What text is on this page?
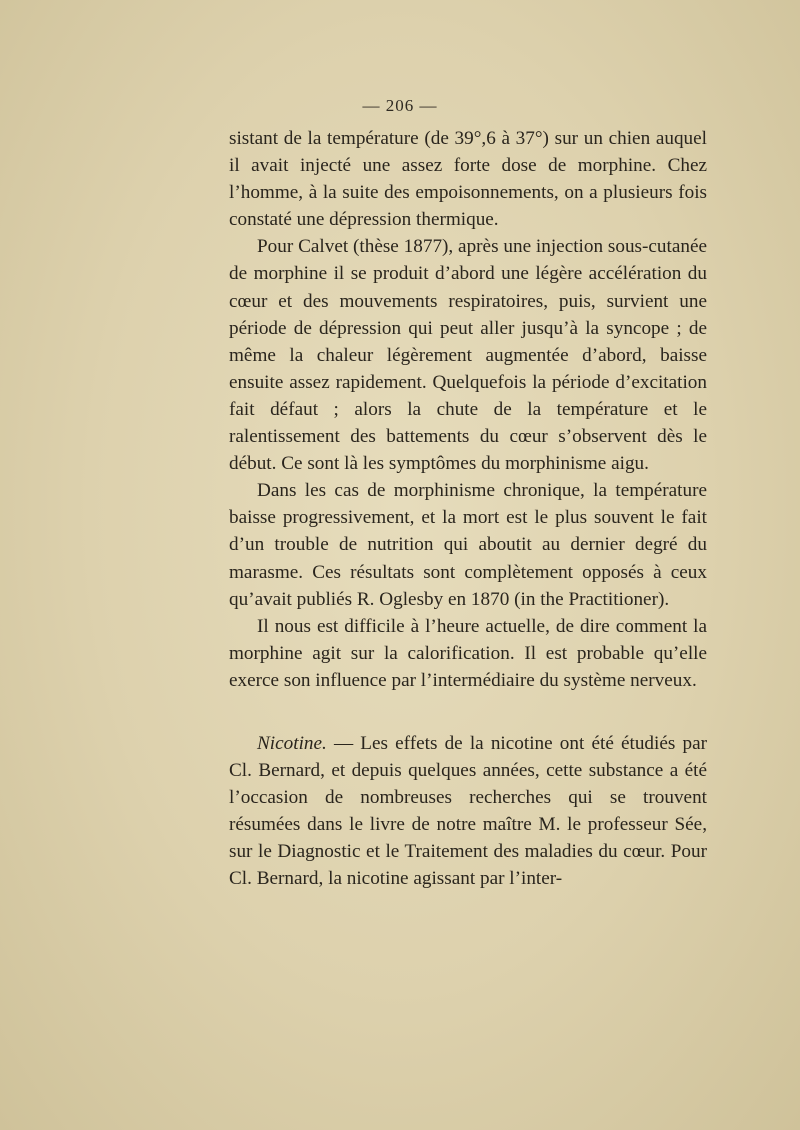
— 206 —

sistant de la température (de 39°,6 à 37°) sur un chien auquel il avait injecté une assez forte dose de morphine. Chez l’homme, à la suite des empoisonnements, on a plusieurs fois constaté une dépression thermique.

Pour Calvet (thèse 1877), après une injection sous-cutanée de morphine il se produit d’abord une légère accélération du cœur et des mouvements respiratoires, puis, survient une période de dépression qui peut aller jusqu’à la syncope ; de même la chaleur légèrement augmentée d’abord, baisse ensuite assez rapidement. Quelquefois la période d’excitation fait défaut ; alors la chute de la température et le ralentissement des battements du cœur s’observent dès le début. Ce sont là les symptômes du morphinisme aigu.

Dans les cas de morphinisme chronique, la température baisse progressivement, et la mort est le plus souvent le fait d’un trouble de nutrition qui aboutit au dernier degré du marasme. Ces résultats sont complètement opposés à ceux qu’avait publiés R. Oglesby en 1870 (in the Practitioner).

Il nous est difficile à l’heure actuelle, de dire comment la morphine agit sur la calorification. Il est probable qu’elle exerce son influence par l’intermédiaire du système nerveux.

Nicotine. — Les effets de la nicotine ont été étudiés par Cl. Bernard, et depuis quelques années, cette substance a été l’occasion de nombreuses recherches qui se trouvent résumées dans le livre de notre maître M. le professeur Sée, sur le Diagnostic et le Traitement des maladies du cœur. Pour Cl. Bernard, la nicotine agissant par l’inter-
